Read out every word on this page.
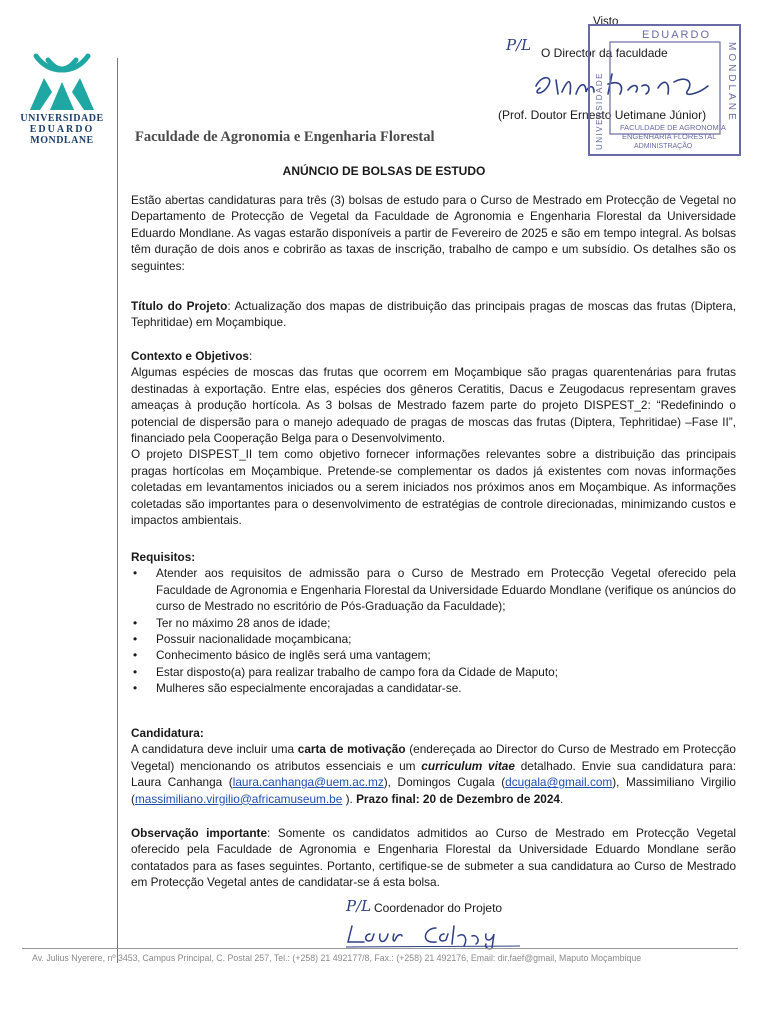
UNIVERSIDADE
EDUARDO
MONDLANE	Faculdade de Agronomia e Engenharia Florestal
Visto
P/L O Director da faculdade
(Prof. Doutor Ernesto Uetimane Júnior)
EDUARDO
MONDLANE
UNIVERSIDADE FACULDADE DE AGRONOMIA
ENGENHARIA FLORESTAL
ADMINISTRAÇÃO
ANÚNCIO DE BOLSAS DE ESTUDO

Estão abertas candidaturas para três (3) bolsas de estudo para o Curso de Mestrado em Protecção de Vegetal no Departamento de Protecção de Vegetal da Faculdade de Agronomia e Engenharia Florestal da Universidade Eduardo Mondlane. As vagas estarão disponíveis a partir de Fevereiro de 2025 e são em tempo integral. As bolsas têm duração de dois anos e cobrirão as taxas de inscrição, trabalho de campo e um subsídio. Os detalhes são os seguintes:

Título do Projeto: Actualização dos mapas de distribuição das principais pragas de moscas das frutas (Diptera, Tephritidae) em Moçambique.

Contexto e Objetivos:

Algumas espécies de moscas das frutas que ocorrem em Moçambique são pragas quarentenárias para frutas destinadas à exportação. Entre elas, espécies dos gêneros Ceratitis, Dacus e Zeugodacus representam graves ameaças à produção hortícola. As 3 bolsas de Mestrado fazem parte do projeto DISPEST_2: “Redefinindo o potencial de dispersão para o manejo adequado de pragas de moscas das frutas (Diptera, Tephritidae) –Fase II”, financiado pela Cooperação Belga para o Desenvolvimento.

O projeto DISPEST_II tem como objetivo fornecer informações relevantes sobre a distribuição das principais pragas hortícolas em Moçambique. Pretende-se complementar os dados já existentes com novas informações coletadas em levantamentos iniciados ou a serem iniciados nos próximos anos em Moçambique. As informações coletadas são importantes para o desenvolvimento de estratégias de controle direcionadas, minimizando custos e impactos ambientais.

Requisitos:

• Atender aos requisitos de admissão para o Curso de Mestrado em Protecção Vegetal oferecido pela Faculdade de Agronomia e Engenharia Florestal da Universidade Eduardo Mondlane (verifique os anúncios do curso de Mestrado no escritório de Pós-Graduação da Faculdade);
• Ter no máximo 28 anos de idade;
• Possuir nacionalidade moçambicana;
• Conhecimento básico de inglês será uma vantagem;
• Estar disposto(a) para realizar trabalho de campo fora da Cidade de Maputo;
• Mulheres são especialmente encorajadas a candidatar-se.

Candidatura:

A candidatura deve incluir uma carta de motivação (endereçada ao Director do Curso de Mestrado em Protecção Vegetal) mencionando os atributos essenciais e um curriculum vitae detalhado. Envie sua candidatura para: Laura Canhanga (laura.canhanga@uem.ac.mz), Domingos Cugala (dcugala@gmail.com), Massimiliano Virgilio (massimiliano.virgilio@africamuseum.be ). Prazo final: 20 de Dezembro de 2024.

Observação importante: Somente os candidatos admitidos ao Curso de Mestrado em Protecção Vegetal oferecido pela Faculdade de Agronomia e Engenharia Florestal da Universidade Eduardo Mondlane serão contatados para as fases seguintes. Portanto, certifique-se de submeter a sua candidatura ao Curso de Mestrado em Protecção Vegetal antes de candidatar-se á esta bolsa.

P/L Coordenador do Projeto
Av. Julius Nyerere, nº 3453, Campus Principal, C. Postal 257, Tel.: (+258) 21 492177/8, Fax.: (+258) 21 492176, Email: dir.faef@gmail, Maputo Moçambique
